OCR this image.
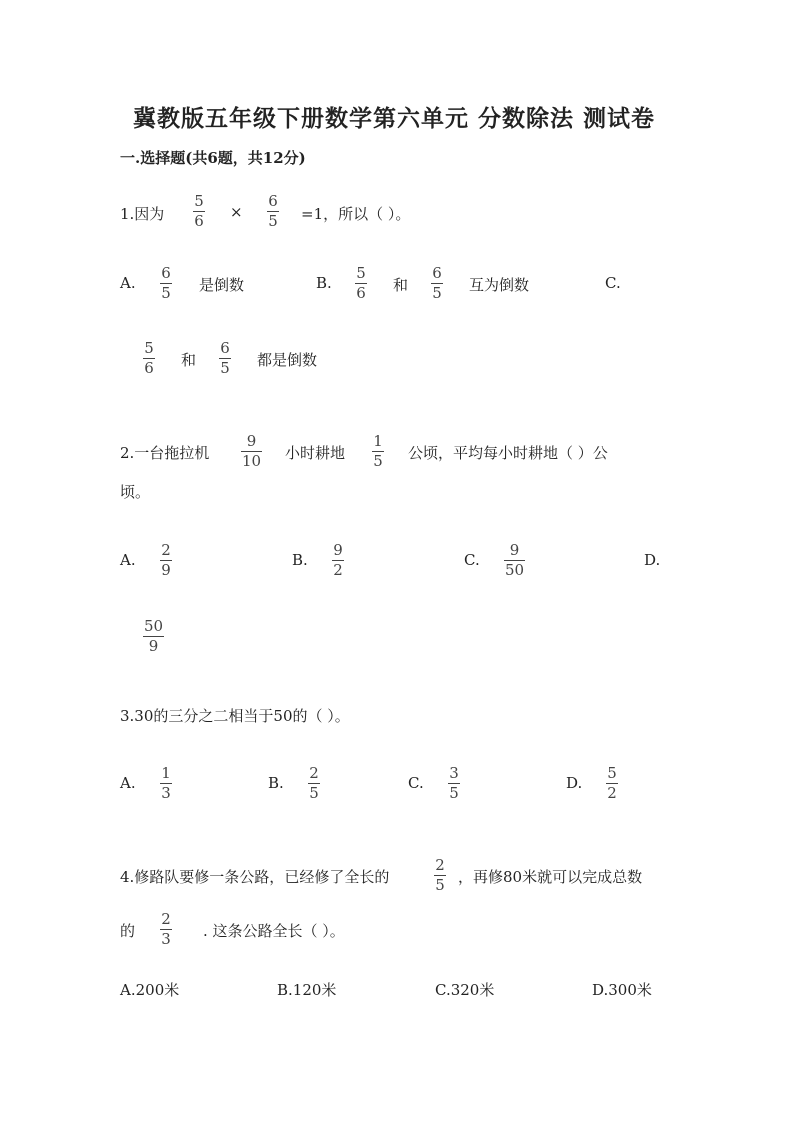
冀教版五年级下册数学第六单元 分数除法 测试卷
一.选择题(共6题，共12分)
1.因为
5
6 ×
6
5 =1，所以（ ）。
A.
6
5 是倒数	B.
5
6 和
6
5 互为倒数	C.
5
6 和
6
5 都是倒数
2.一台拖拉机
9
10 小时耕地
1
5 公顷，平均每小时耕地（ ）公
顷。
A.
2
9
B.
9
2
C.
9
50
D.
50
9
3.30的三分之二相当于50的（ ）。
A.
1
3
B.
2
5
C.
3
5
D.
5
2
4.修路队要修一条公路，已经修了全长的
2
5 ，再修80米就可以完成总数
的
2
3 . 这条公路全长（ ）。
A.200米	B.120米	C.320米	D.300米
